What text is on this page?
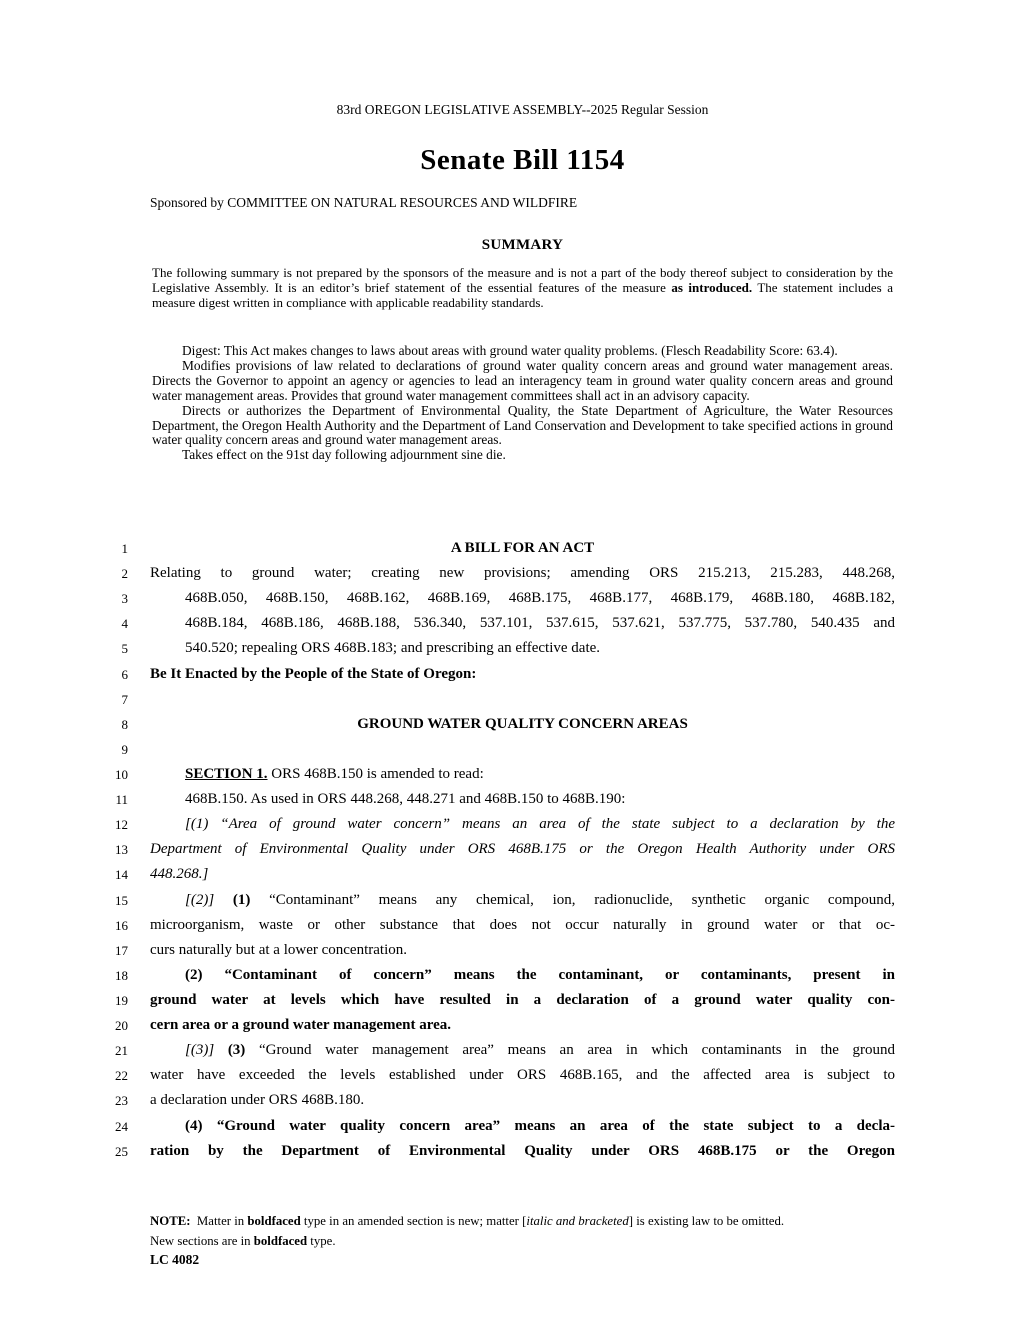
83rd OREGON LEGISLATIVE ASSEMBLY--2025 Regular Session
Senate Bill 1154
Sponsored by COMMITTEE ON NATURAL RESOURCES AND WILDFIRE
SUMMARY

The following summary is not prepared by the sponsors of the measure and is not a part of the body thereof subject to consideration by the Legislative Assembly. It is an editor’s brief statement of the essential features of the measure as introduced. The statement includes a measure digest written in compliance with applicable readability standards.

Digest: This Act makes changes to laws about areas with ground water quality problems. (Flesch Readability Score: 63.4).

Modifies provisions of law related to declarations of ground water quality concern areas and ground water management areas. Directs the Governor to appoint an agency or agencies to lead an interagency team in ground water quality concern areas and ground water management areas. Provides that ground water management committees shall act in an advisory capacity.

Directs or authorizes the Department of Environmental Quality, the State Department of Agriculture, the Water Resources Department, the Oregon Health Authority and the Department of Land Conservation and Development to take specified actions in ground water quality concern areas and ground water management areas.

Takes effect on the 91st day following adjournment sine die.

1	A BILL FOR AN ACT
2 Relating to ground water; creating new provisions; amending ORS 215.213, 215.283, 448.268,
3	468B.050, 468B.150, 468B.162, 468B.169, 468B.175, 468B.177, 468B.179, 468B.180, 468B.182,
4	468B.184, 468B.186, 468B.188, 536.340, 537.101, 537.615, 537.621, 537.775, 537.780, 540.435 and
5	540.520; repealing ORS 468B.183; and prescribing an effective date.
6 Be It Enacted by the People of the State of Oregon:
7
8	GROUND WATER QUALITY CONCERN AREAS
9
10	SECTION 1. ORS 468B.150 is amended to read:
11	468B.150. As used in ORS 448.268, 448.271 and 468B.150 to 468B.190:
12	[(1) “Area of ground water concern” means an area of the state subject to a declaration by the
13 Department of Environmental Quality under ORS 468B.175 or the Oregon Health Authority under ORS
14 448.268.]
15	[(2)] (1) “Contaminant” means any chemical, ion, radionuclide, synthetic organic compound,
16 microorganism, waste or other substance that does not occur naturally in ground water or that oc-
17 curs naturally but at a lower concentration.
18	(2) “Contaminant of concern” means the contaminant, or contaminants, present in
19 ground water at levels which have resulted in a declaration of a ground water quality con-
20 cern area or a ground water management area.
21	[(3)] (3) “Ground water management area” means an area in which contaminants in the ground
22 water have exceeded the levels established under ORS 468B.165, and the affected area is subject to
23 a declaration under ORS 468B.180.
24	(4) “Ground water quality concern area” means an area of the state subject to a decla-
25 ration by the Department of Environmental Quality under ORS 468B.175 or the Oregon
NOTE:  Matter in boldfaced type in an amended section is new; matter [italic and bracketed] is existing law to be omitted.
New sections are in boldfaced type.
LC 4082
